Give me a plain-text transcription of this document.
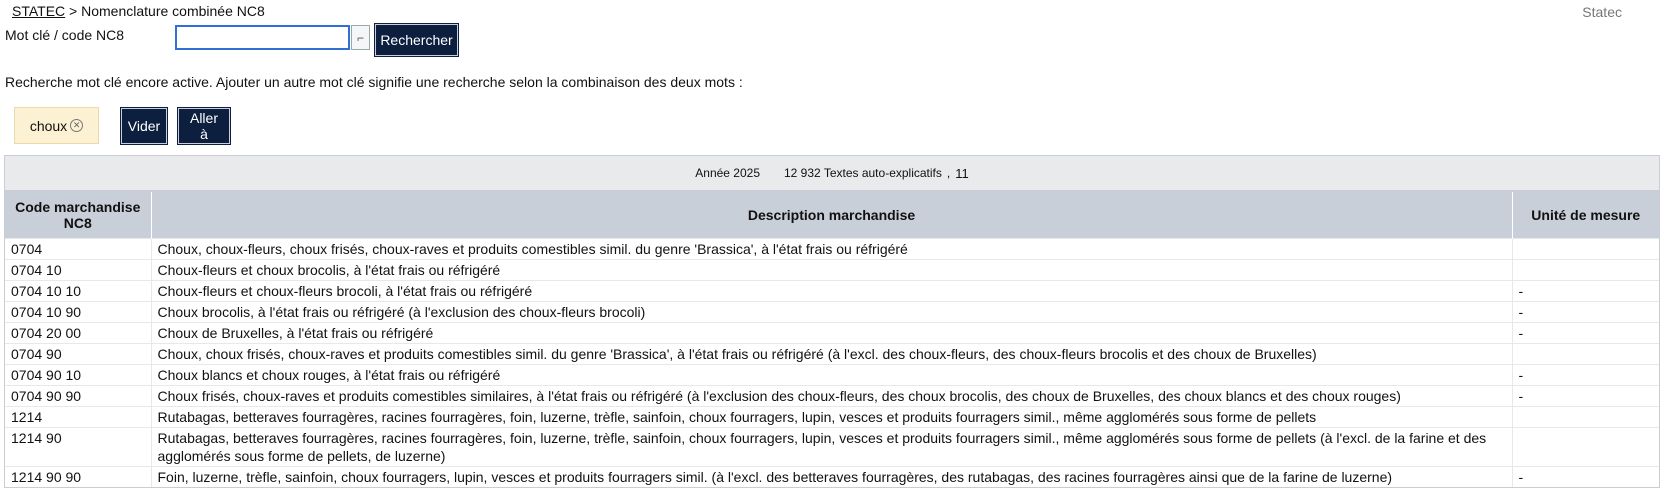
STATEC > Nomenclature combinée NC8	Statec
Mot clé / code NC8	⌐	Rechercher
Recherche mot clé encore active. Ajouter un autre mot clé signifie une recherche selon la combinaison des deux mots :
choux ✕	Vider	Aller à
Année 2025 12 932 Textes auto-explicatifs , 11
Code marchandise NC8	Description marchandise	Unité de mesure
0704	Choux, choux-fleurs, choux frisés, choux-raves et produits comestibles simil. du genre 'Brassica', à l'état frais ou réfrigéré	
0704 10	Choux-fleurs et choux brocolis, à l'état frais ou réfrigéré	
0704 10 10	Choux-fleurs et choux-fleurs brocoli, à l'état frais ou réfrigéré	-
0704 10 90	Choux brocolis, à l'état frais ou réfrigéré (à l'exclusion des choux-fleurs brocoli)	-
0704 20 00	Choux de Bruxelles, à l'état frais ou réfrigéré	-
0704 90	Choux, choux frisés, choux-raves et produits comestibles simil. du genre 'Brassica', à l'état frais ou réfrigéré (à l'excl. des choux-fleurs, des choux-fleurs brocolis et des choux de Bruxelles)	
0704 90 10	Choux blancs et choux rouges, à l'état frais ou réfrigéré	-
0704 90 90	Choux frisés, choux-raves et produits comestibles similaires, à l'état frais ou réfrigéré (à l'exclusion des choux-fleurs, des choux brocolis, des choux de Bruxelles, des choux blancs et des choux rouges)	-
1214	Rutabagas, betteraves fourragères, racines fourragères, foin, luzerne, trèfle, sainfoin, choux fourragers, lupin, vesces et produits fourragers simil., même agglomérés sous forme de pellets	
1214 90	Rutabagas, betteraves fourragères, racines fourragères, foin, luzerne, trèfle, sainfoin, choux fourragers, lupin, vesces et produits fourragers simil., même agglomérés sous forme de pellets (à l'excl. de la farine et des agglomérés sous forme de pellets, de luzerne)	
1214 90 90	Foin, luzerne, trèfle, sainfoin, choux fourragers, lupin, vesces et produits fourragers simil. (à l'excl. des betteraves fourragères, des rutabagas, des racines fourragères ainsi que de la farine de luzerne)	-
